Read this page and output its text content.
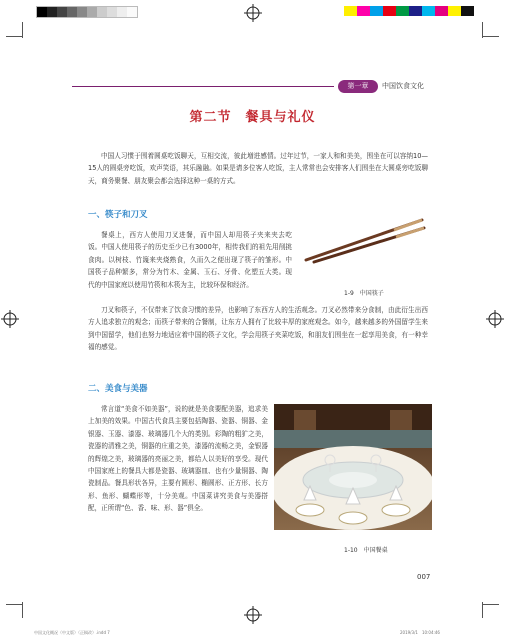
第一章	中国饮食文化
第二节　餐具与礼仪

中国人习惯于围着圆桌吃饭聊天，互相交流，彼此増进感情。过年过节，一家人和和美美，围坐在可以容纳10—15人的圆桌旁吃饭，欢声笑语，其乐融融。如果是请多位客人吃饭，主人常常也会安排客人们围坐在大圆桌旁吃饭聊天，商务聚餐、朋友聚会都会选择这种一桌的方式。

一、筷子和刀叉

餐桌上，西方人使用刀叉进餐，而中国人却用筷子夹来夹去吃饭。中国人使用筷子的历史至少已有3000年，相传我们的祖先用削挑食肉。以树枝、竹篾来夹烧熟食，久而久之便出现了筷子的雏形。中国筷子品种繁多，常分为竹木、金属、玉石、牙骨、化塑五大类。现代的中国家庭以使用竹筷和木筷为主，比较环保和经济。

1-9　中国筷子

刀叉和筷子，不仅带来了饮食习惯的差异，也影响了东西方人的生活观念。刀叉必然带来分食制，由此衍生出西方人追求独立的观念；而筷子带来的合餐制，让东方人拥有了比较丰厚的家庭观念。如今，越来越多的外国留学生来到中国留学，他们也努力地适应着中国的筷子文化，学会用筷子夹菜吃饭，和朋友们围坐在一起享用美食，有一种幸福的感觉。

二、美食与美器

常言道“美食不如美器”，说的就是美食要配美器，追求美上加美的效果。中国古代食具主要包括陶器、瓷器、铜器、金银器、玉器、漆器、玻璃器几个大的类别。彩陶的粗犷之美，瓷器的清雅之美，铜器的庄重之美，漆器的流畅之美，金银器的辉煌之美，玻璃器的亮丽之美，都给人以美好的享受。现代中国家庭上的餐具大都是瓷器、玻璃器皿、也有少量铜器、陶瓷制品。餐具形状各异，主要有圆形、椭圆形、正方形、长方形、鱼形、蝴蝶形等，十分美观。中国菜讲究美食与美器搭配，正所谓“色、香、味、形、器”俱全。

1-10　中国餐桌
007
中国文化概况（中文版）（正稿改）.indd 7	2019/3/1　10:04:46
